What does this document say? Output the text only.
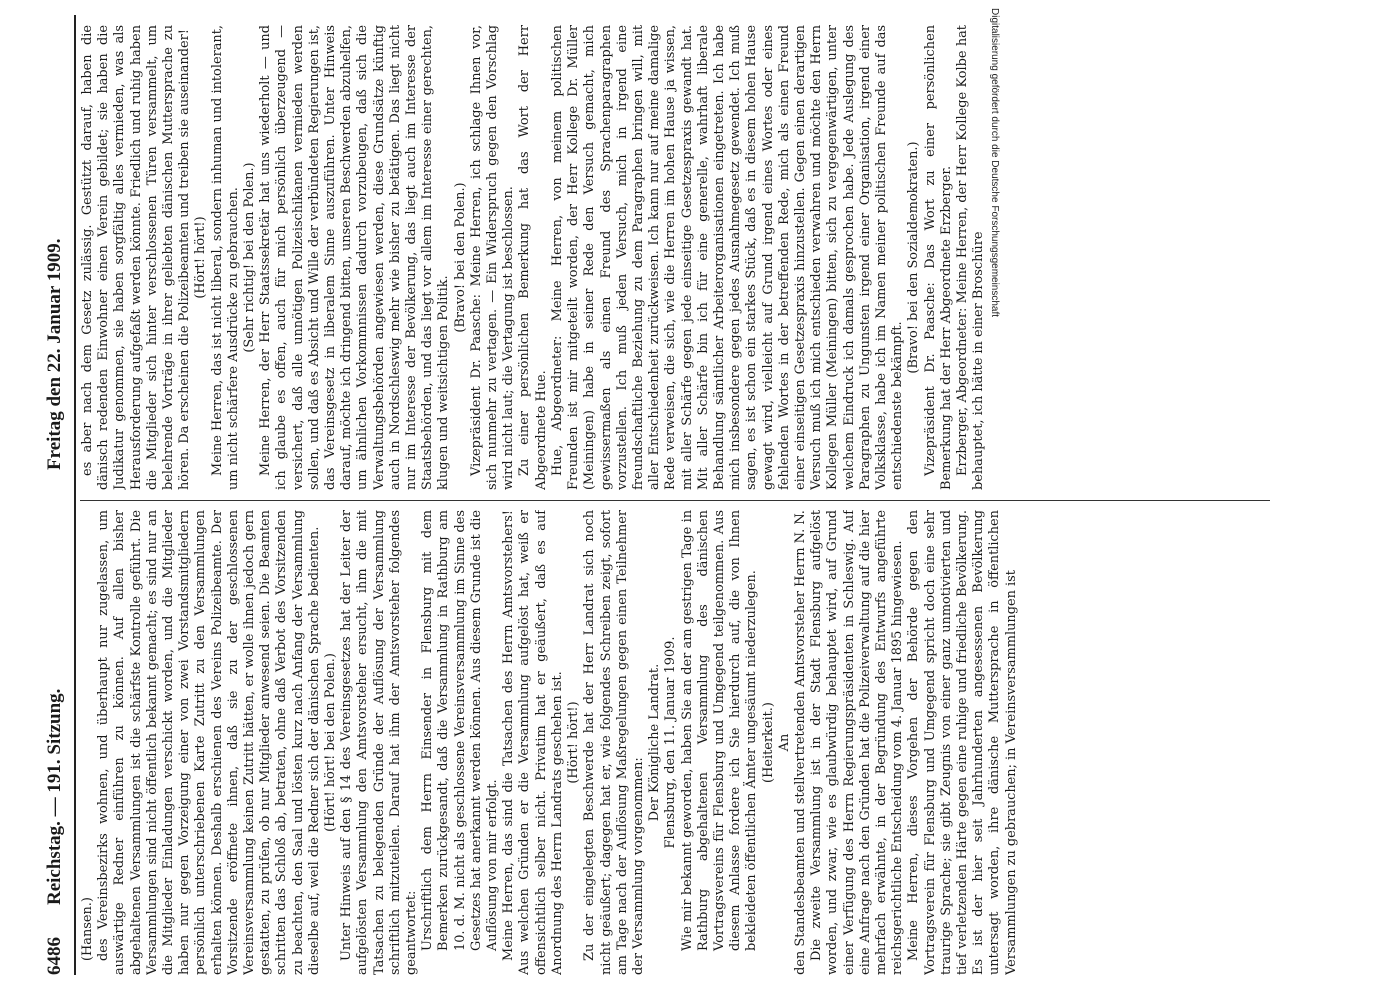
6486
Reichstag. — 191. Sitzung.
Freitag den 22. Januar 1909.

(Hansen.) des Vereinsbezirks wohnen, und überhaupt nur zugelassen, um auswärtige Redner einführen zu können. Auf allen bisher abgehaltenen Versammlungen ist die schärfste Kontrolle geführt. Die Versammlungen sind nicht öffentlich bekannt gemacht; es sind nur an die Mitglieder Einladungen verschickt worden, und die Mitglieder haben nur gegen Vorzeigung einer von zwei Vorstandsmitgliedern persönlich unterschriebenen Karte Zutritt zu den Versammlungen erhalten können. Deshalb erschienen des Vereins Polizeibeamte. Der Vorsitzende eröffnete ihnen, daß sie zu der geschlossenen Vereinsversammlung keinen Zutritt hätten, er wolle ihnen jedoch gern gestatten, zu prüfen, ob nur Mitglieder anwesend seien. Die Beamten schritten das Schloß ab, betraten, ohne daß Verbot des Vorsitzenden zu beachten, den Saal und lösten kurz nach Anfang der Versammlung dieselbe auf, weil die Redner sich der dänischen Sprache bedienten. (Hört! hört! bei den Polen.) Unter Hinweis auf den § 14 des Vereinsgesetzes hat der Leiter der aufgelösten Versammlung den Amtsvorsteher ersucht, ihm die mit Tatsachen zu belegenden Gründe der Auflösung der Versammlung schriftlich mitzuteilen. Darauf hat ihm der Amtsvorsteher folgendes geantwortet: Urschriftlich dem Herrn Einsender in Flensburg mit dem Bemerken zurückgesandt, daß die Versammlung in Rathburg am 10. d. M. nicht als geschlossene Vereinsversammlung im Sinne des Gesetzes hat anerkannt werden können. Aus diesem Grunde ist die Auflösung von mir erfolgt. Meine Herren, das sind die Tatsachen des Herrn Amtsvorstehers! Aus welchen Gründen er die Versammlung aufgelöst hat, weiß er offensichtlich selber nicht. Privatim hat er geäußert, daß es auf Anordnung des Herrn Landrats geschehen ist. (Hört! hört!) Zu der eingelegten Beschwerde hat der Herr Landrat sich noch nicht geäußert; dagegen hat er, wie folgendes Schreiben zeigt, sofort am Tage nach der Auflösung Maßregelungen gegen einen Teilnehmer der Versammlung vorgenommen:

Der Königliche Landrat. Flensburg, den 11. Januar 1909. Wie mir bekannt geworden, haben Sie an der am gestrigen Tage in Rathburg abgehaltenen Versammlung des dänischen Vortragsvereins für Flensburg und Umgegend teilgenommen. Aus diesem Anlasse fordere ich Sie hierdurch auf, die von Ihnen bekleideten öffentlichen Ämter ungesäumt niederzulegen. (Heiterkeit.) An den Standesbeamten und stellvertretenden Amtsvorsteher Herrn N. N. Die zweite Versammlung ist in der Stadt Flensburg aufgelöst worden, und zwar, wie es glaubwürdig behauptet wird, auf Grund einer Verfügung des Herrn Regierungspräsidenten in Schleswig. Auf eine Anfrage nach den Gründen hat die Polizeiverwaltung auf die hier mehrfach erwähnte, in der Begründung des Entwurfs angeführte reichsgerichtliche Entscheidung vom 4. Januar 1895 hingewiesen. Meine Herren, dieses Vorgehen der Behörde gegen den Vortragsverein für Flensburg und Umgegend spricht doch eine sehr traurige Sprache; sie gibt Zeugnis von einer ganz unmotivierten und tief verletzenden Härte gegen eine ruhige und friedliche Bevölkerung. Es ist der hier seit Jahrhunderten angesessenen Bevölkerung untersagt worden, ihre dänische Muttersprache in öffentlichen Versammlungen zu gebrauchen; in Vereinsversammlungen ist

es aber nach dem Gesetz zulässig. Gestützt darauf, haben die dänisch redenden Einwohner einen Verein gebildet; sie haben die Judikatur genommen, sie haben sorgfältig alles vermieden, was als Herausforderung aufgefaßt werden könnte. Friedlich und ruhig haben die Mitglieder sich hinter verschlossenen Türen versammelt, um belehrende Vorträge in ihrer geliebten dänischen Muttersprache zu hören. Da erscheinen die Polizeibeamten und treiben sie auseinander! (Hört! hört!) Meine Herren, das ist nicht liberal, sondern inhuman und intolerant, um nicht schärfere Ausdrücke zu gebrauchen. (Sehr richtig! bei den Polen.) Meine Herren, der Herr Staatssekretär hat uns wiederholt — und ich glaube es offen, auch für mich persönlich überzeugend — versichert, daß alle unnötigen Polizeischikanen vermieden werden sollen, und daß es Absicht und Wille der verbündeten Regierungen ist, das Vereinsgesetz in liberalem Sinne auszuführen. Unter Hinweis darauf, möchte ich dringend bitten, unseren Beschwerden abzuhelfen, um ähnlichen Vorkommnissen dadurch vorzubeugen, daß sich die Verwaltungsbehörden angewiesen werden, diese Grundsätze künftig auch in Nordschleswig mehr wie bisher zu betätigen. Das liegt nicht nur im Interesse der Bevölkerung, das liegt auch im Interesse der Staatsbehörden, und das liegt vor allem im Interesse einer gerechten, klugen und weitsichtigen Politik.

(Bravo! bei den Polen.) Vizepräsident Dr. Paasche: Meine Herren, ich schlage Ihnen vor, sich nunmehr zu vertagen. — Ein Widerspruch gegen den Vorschlag wird nicht laut; die Vertagung ist beschlossen. Zu einer persönlichen Bemerkung hat das Wort der Herr Abgeordnete Hue. Hue, Abgeordneter: Meine Herren, von meinem politischen Freunden ist mir mitgeteilt worden, der Herr Kollege Dr. Müller (Meiningen) habe in seiner Rede den Versuch gemacht, mich gewissermaßen als einen Freund des Sprachenparagraphen vorzustellen. Ich muß jeden Versuch, mich in irgend eine freundschaftliche Beziehung zu dem Paragraphen bringen will, mit aller Entschiedenheit zurückweisen. Ich kann nur auf meine damalige Rede verweisen, die sich, wie die Herren im hohen Hause ja wissen, mit aller Schärfe gegen jede einseitige Gesetzespraxis gewandt hat. Mit aller Schärfe bin ich für eine generelle, wahrhaft liberale Behandlung sämtlicher Arbeiterorganisationen eingetreten. Ich habe mich insbesondere gegen jedes Ausnahmegesetz gewendet. Ich muß sagen, es ist schon ein starkes Stück, daß es in diesem hohen Hause gewagt wird, vielleicht auf Grund irgend eines Wortes oder eines fehlenden Wortes in der betreffenden Rede, mich als einen Freund einer einseitigen Gesetzespraxis hinzustellen. Gegen einen derartigen Versuch muß ich mich entschieden verwahren und möchte den Herrn Kollegen Müller (Meiningen) bitten, sich zu vergegenwärtigen, unter welchem Eindruck ich damals gesprochen habe. Jede Auslegung des Paragraphen zu Ungunsten irgend einer Organisation, irgend einer Volksklasse, habe ich im Namen meiner politischen Freunde auf das entschiedenste bekämpft.

(Bravo! bei den Sozialdemokraten.) Vizepräsident Dr. Paasche: Das Wort zu einer persönlichen Bemerkung hat der Herr Abgeordnete Erzberger. Erzberger, Abgeordneter: Meine Herren, der Herr Kollege Kolbe hat behauptet, ich hätte in einer Broschüre

Digitalisierung gefördert durch die Deutsche Forschungsgemeinschaft
